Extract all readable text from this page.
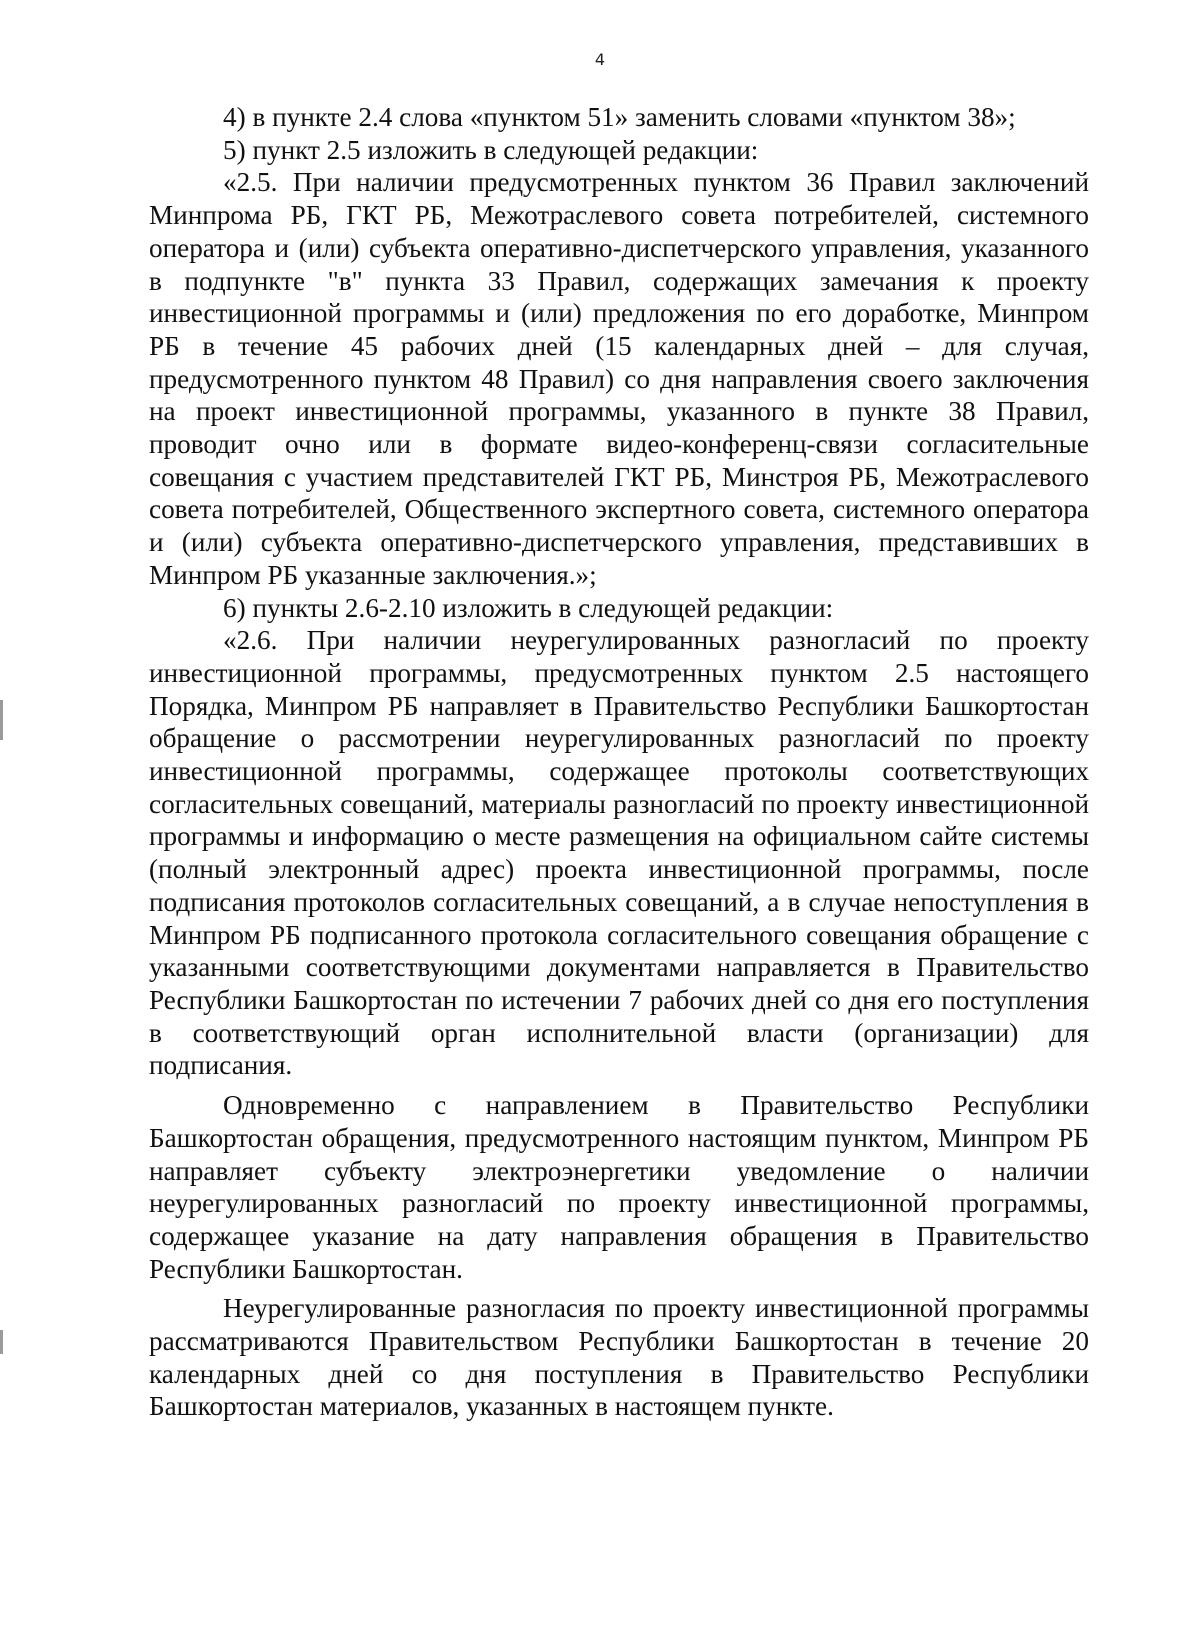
4

4) в пункте 2.4 слова «пунктом 51» заменить словами «пунктом 38»;

5) пункт 2.5 изложить в следующей редакции:

«2.5. При наличии предусмотренных пунктом 36 Правил заключений Минпрома РБ, ГКТ РБ, Межотраслевого совета потребителей, системного оператора и (или) субъекта оперативно-диспетчерского управления, указанного в подпункте "в" пункта 33 Правил, содержащих замечания к проекту инвестиционной программы и (или) предложения по его доработке, Минпром РБ в течение 45 рабочих дней (15 календарных дней – для случая, предусмотренного пунктом 48 Правил) со дня направления своего заключения на проект инвестиционной программы, указанного в пункте 38 Правил, проводит очно или в формате видео-конференц-связи согласительные совещания с участием представителей ГКТ РБ, Минстроя РБ, Межотраслевого совета потребителей, Общественного экспертного совета, системного оператора и (или) субъекта оперативно-диспетчерского управления, представивших в Минпром РБ указанные заключения.»;

6) пункты 2.6-2.10 изложить в следующей редакции:

«2.6. При наличии неурегулированных разногласий по проекту инвестиционной программы, предусмотренных пунктом 2.5 настоящего Порядка, Минпром РБ направляет в Правительство Республики Башкортостан обращение о рассмотрении неурегулированных разногласий по проекту инвестиционной программы, содержащее протоколы соответствующих согласительных совещаний, материалы разногласий по проекту инвестиционной программы и информацию о месте размещения на официальном сайте системы (полный электронный адрес) проекта инвестиционной программы, после подписания протоколов согласительных совещаний, а в случае непоступления в Минпром РБ подписанного протокола согласительного совещания обращение с указанными соответствующими документами направляется в Правительство Республики Башкортостан по истечении 7 рабочих дней со дня его поступления в соответствующий орган исполнительной власти (организации) для подписания.

Одновременно с направлением в Правительство Республики Башкортостан обращения, предусмотренного настоящим пунктом, Минпром РБ направляет субъекту электроэнергетики уведомление о наличии неурегулированных разногласий по проекту инвестиционной программы, содержащее указание на дату направления обращения в Правительство Республики Башкортостан.

Неурегулированные разногласия по проекту инвестиционной программы рассматриваются Правительством Республики Башкортостан в течение 20 календарных дней со дня поступления в Правительство Республики Башкортостан материалов, указанных в настоящем пункте.
